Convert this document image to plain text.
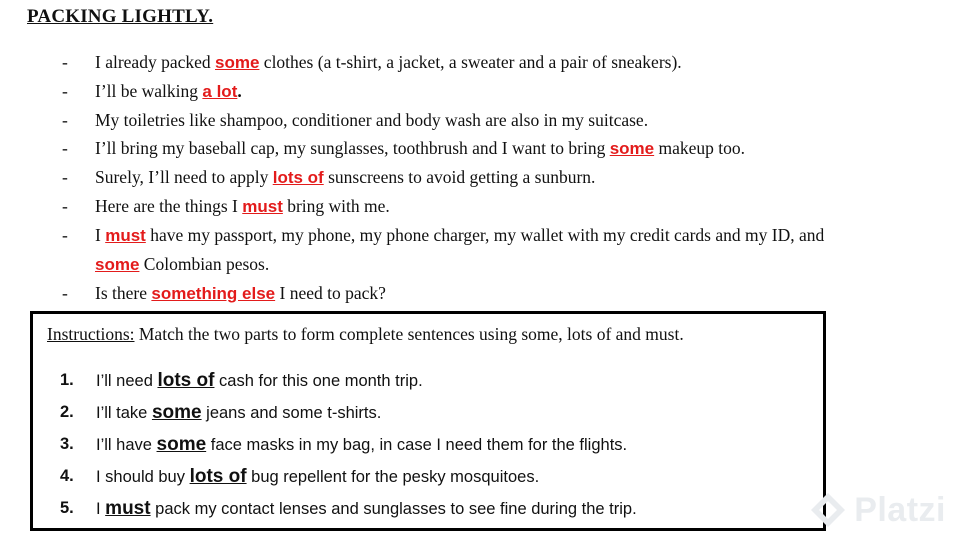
PACKING LIGHTLY.
- I already packed some clothes (a t-shirt, a jacket, a sweater and a pair of sneakers).
- I’ll be walking a lot.
- My toiletries like shampoo, conditioner and body wash are also in my suitcase.
- I’ll bring my baseball cap, my sunglasses, toothbrush and I want to bring some makeup too.
- Surely, I’ll need to apply lots of sunscreens to avoid getting a sunburn.
- Here are the things I must bring with me.
- I must have my passport, my phone, my phone charger, my wallet with my credit cards and my ID, and
some Colombian pesos.
- Is there something else I need to pack?
Instructions: Match the two parts to form complete sentences using some, lots of and must.
1. I’ll need lots of cash for this one month trip.
2. I’ll take some jeans and some t-shirts.
3. I’ll have some face masks in my bag, in case I need them for the flights.
4. I should buy lots of bug repellent for the pesky mosquitoes.
5. I must pack my contact lenses and sunglasses to see fine during the trip.	Platzi
